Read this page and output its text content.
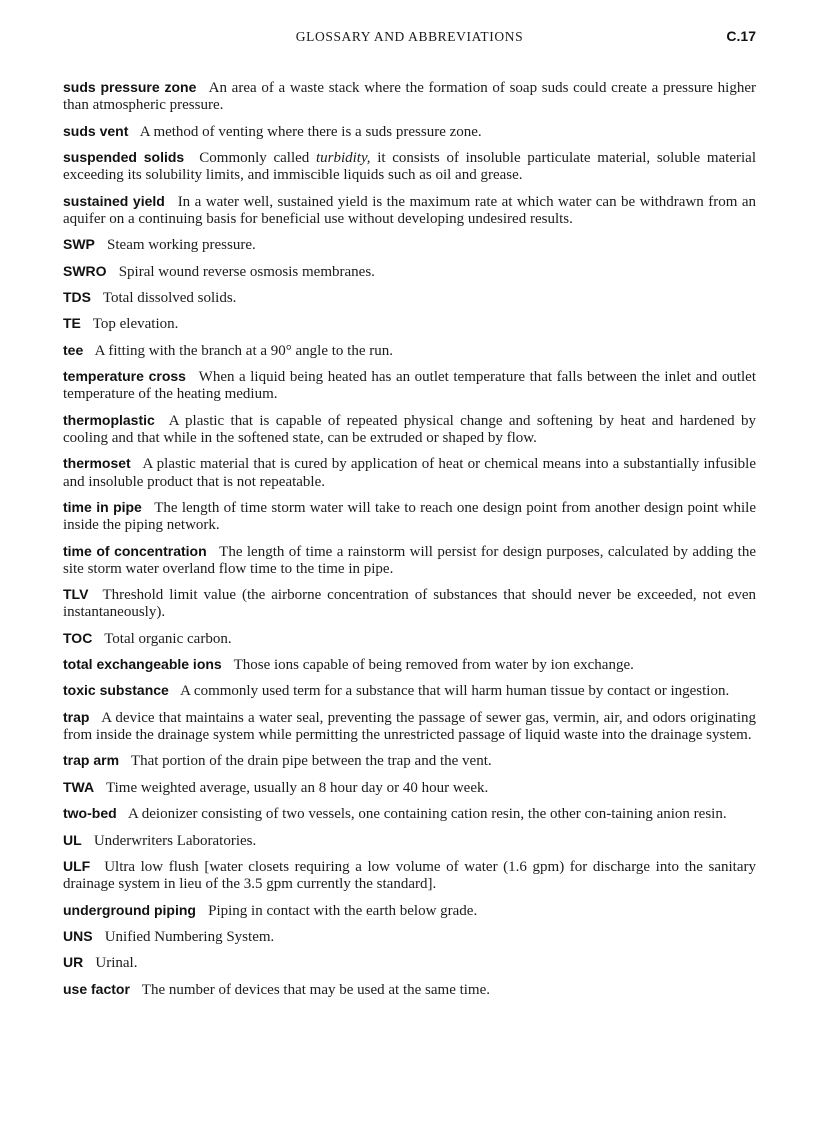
GLOSSARY AND ABBREVIATIONS	C.17

suds pressure zone An area of a waste stack where the formation of soap suds could create a pressure higher than atmospheric pressure.

suds vent A method of venting where there is a suds pressure zone.

suspended solids Commonly called turbidity, it consists of insoluble particulate material, soluble material exceeding its solubility limits, and immiscible liquids such as oil and grease.

sustained yield In a water well, sustained yield is the maximum rate at which water can be withdrawn from an aquifer on a continuing basis for beneficial use without developing undesired results.

SWP Steam working pressure.

SWRO Spiral wound reverse osmosis membranes.

TDS Total dissolved solids.

TE Top elevation.

tee A fitting with the branch at a 90° angle to the run.

temperature cross When a liquid being heated has an outlet temperature that falls between the inlet and outlet temperature of the heating medium.

thermoplastic A plastic that is capable of repeated physical change and softening by heat and hardened by cooling and that while in the softened state, can be extruded or shaped by flow.

thermoset A plastic material that is cured by application of heat or chemical means into a substantially infusible and insoluble product that is not repeatable.

time in pipe The length of time storm water will take to reach one design point from another design point while inside the piping network.

time of concentration The length of time a rainstorm will persist for design purposes, calculated by adding the site storm water overland flow time to the time in pipe.

TLV Threshold limit value (the airborne concentration of substances that should never be exceeded, not even instantaneously).

TOC Total organic carbon.

total exchangeable ions Those ions capable of being removed from water by ion exchange.

toxic substance A commonly used term for a substance that will harm human tissue by contact or ingestion.

trap A device that maintains a water seal, preventing the passage of sewer gas, vermin, air, and odors originating from inside the drainage system while permitting the unrestricted passage of liquid waste into the drainage system.

trap arm That portion of the drain pipe between the trap and the vent.

TWA Time weighted average, usually an 8 hour day or 40 hour week.

two-bed A deionizer consisting of two vessels, one containing cation resin, the other con-taining anion resin.

UL Underwriters Laboratories.

ULF Ultra low flush [water closets requiring a low volume of water (1.6 gpm) for discharge into the sanitary drainage system in lieu of the 3.5 gpm currently the standard].

underground piping Piping in contact with the earth below grade.

UNS Unified Numbering System.

UR Urinal.

use factor The number of devices that may be used at the same time.
